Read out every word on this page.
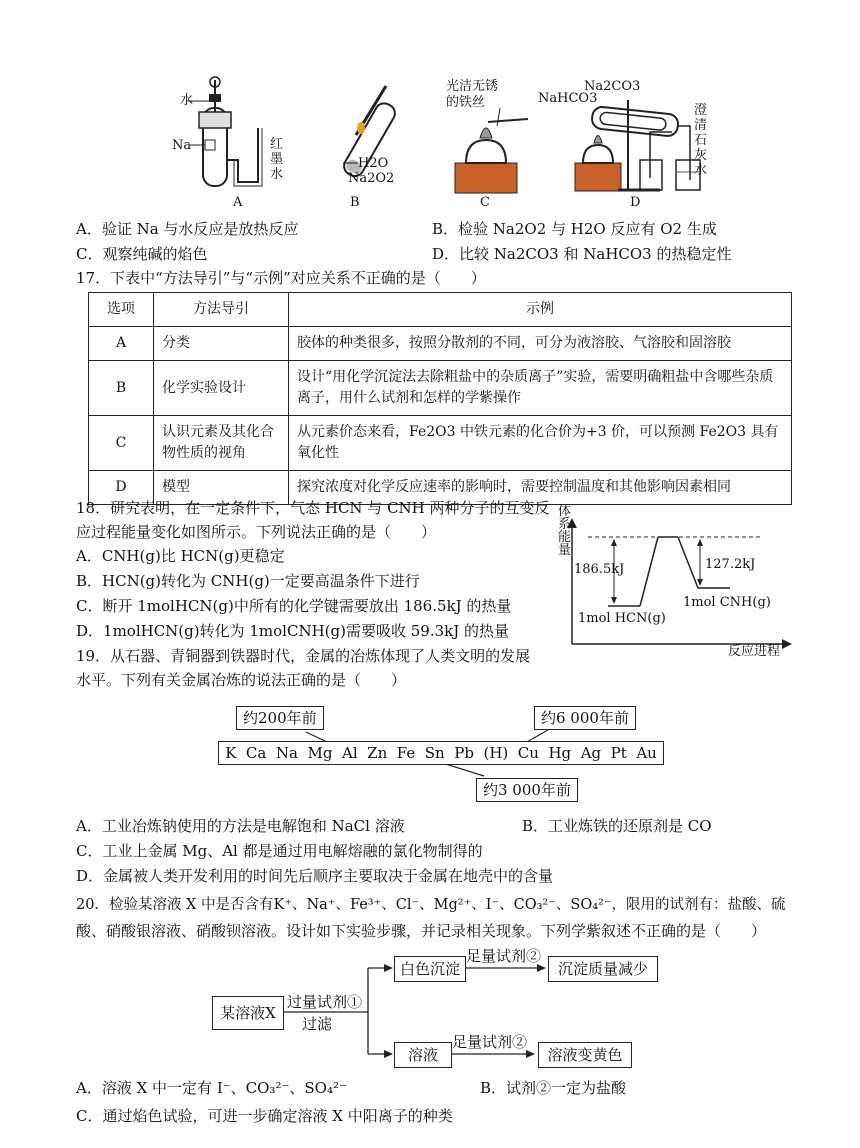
水
Na	红
墨
水
A
H2O
Na2O2
B
光洁无锈
的铁丝
C
Na2CO3
NaHCO3
澄
清
石
灰
水
D
A．验证 Na 与水反应是放热反应	B．检验 Na2O2 与 H2O 反应有 O2 生成
C．观察纯碱的焰色	D．比较 Na2CO3 和 NaHCO3 的热稳定性
17．下表中“方法导引”与“示例”对应关系不正确的是（　　）
选项	方法导引	示例
A	分类	胶体的种类很多，按照分散剂的不同，可分为液溶胶、气溶胶和固溶胶
B	化学实验设计	设计“用化学沉淀法去除粗盐中的杂质离子”实验，需要明确粗盐中含哪些杂质离子，用什么试剂和怎样的学紫操作
C	认识元素及其化合物性质的视角	从元素价态来看，Fe2O3 中铁元素的化合价为+3 价，可以预测 Fe2O3 具有氧化性
D	模型	探究浓度对化学反应速率的影响时，需要控制温度和其他影响因素相同
18．研究表明，在一定条件下，气态 HCN 与 CNH 两种分子的互变反
应过程能量变化如图所示。下列说法正确的是（　　）
A．CNH(g)比 HCN(g)更稳定
B．HCN(g)转化为 CNH(g)一定要高温条件下进行
C．断开 1molHCN(g)中所有的化学键需要放出 186.5kJ 的热量
D．1molHCN(g)转化为 1molCNH(g)需要吸收 59.3kJ 的热量
体
系
能
量
186.5kJ	127.2kJ
1mol HCN(g)
1mol CNH(g)
反应进程
19．从石器、青铜器到铁器时代，金属的冶炼体现了人类文明的发展
水平。下列有关金属冶炼的说法正确的是（　　）
约200年前	约6 000年前
K  Ca  Na  Mg  Al  Zn  Fe  Sn  Pb  (H)  Cu  Hg  Ag  Pt  Au
约3 000年前
A．工业冶炼钠使用的方法是电解饱和 NaCl 溶液	B．工业炼铁的还原剂是 CO
C．工业上金属 Mg、Al 都是通过用电解熔融的氯化物制得的
D．金属被人类开发利用的时间先后顺序主要取决于金属在地壳中的含量
20．检验某溶液 X 中是否含有K⁺、Na⁺、Fe³⁺、Cl⁻、Mg²⁺、I⁻、CO₃²⁻、SO₄²⁻，限用的试剂有：盐酸、硫
酸、硝酸银溶液、硝酸钡溶液。设计如下实验步骤，并记录相关现象。下列学紫叙述不正确的是（　　）
某溶液X
过量试剂①
过滤
白色沉淀
足量试剂②
沉淀质量减少
溶液
足量试剂②
溶液变黄色
A．溶液 X 中一定有 I⁻、CO₃²⁻、SO₄²⁻	B．试剂②一定为盐酸
C．通过焰色试验，可进一步确定溶液 X 中阳离子的种类
